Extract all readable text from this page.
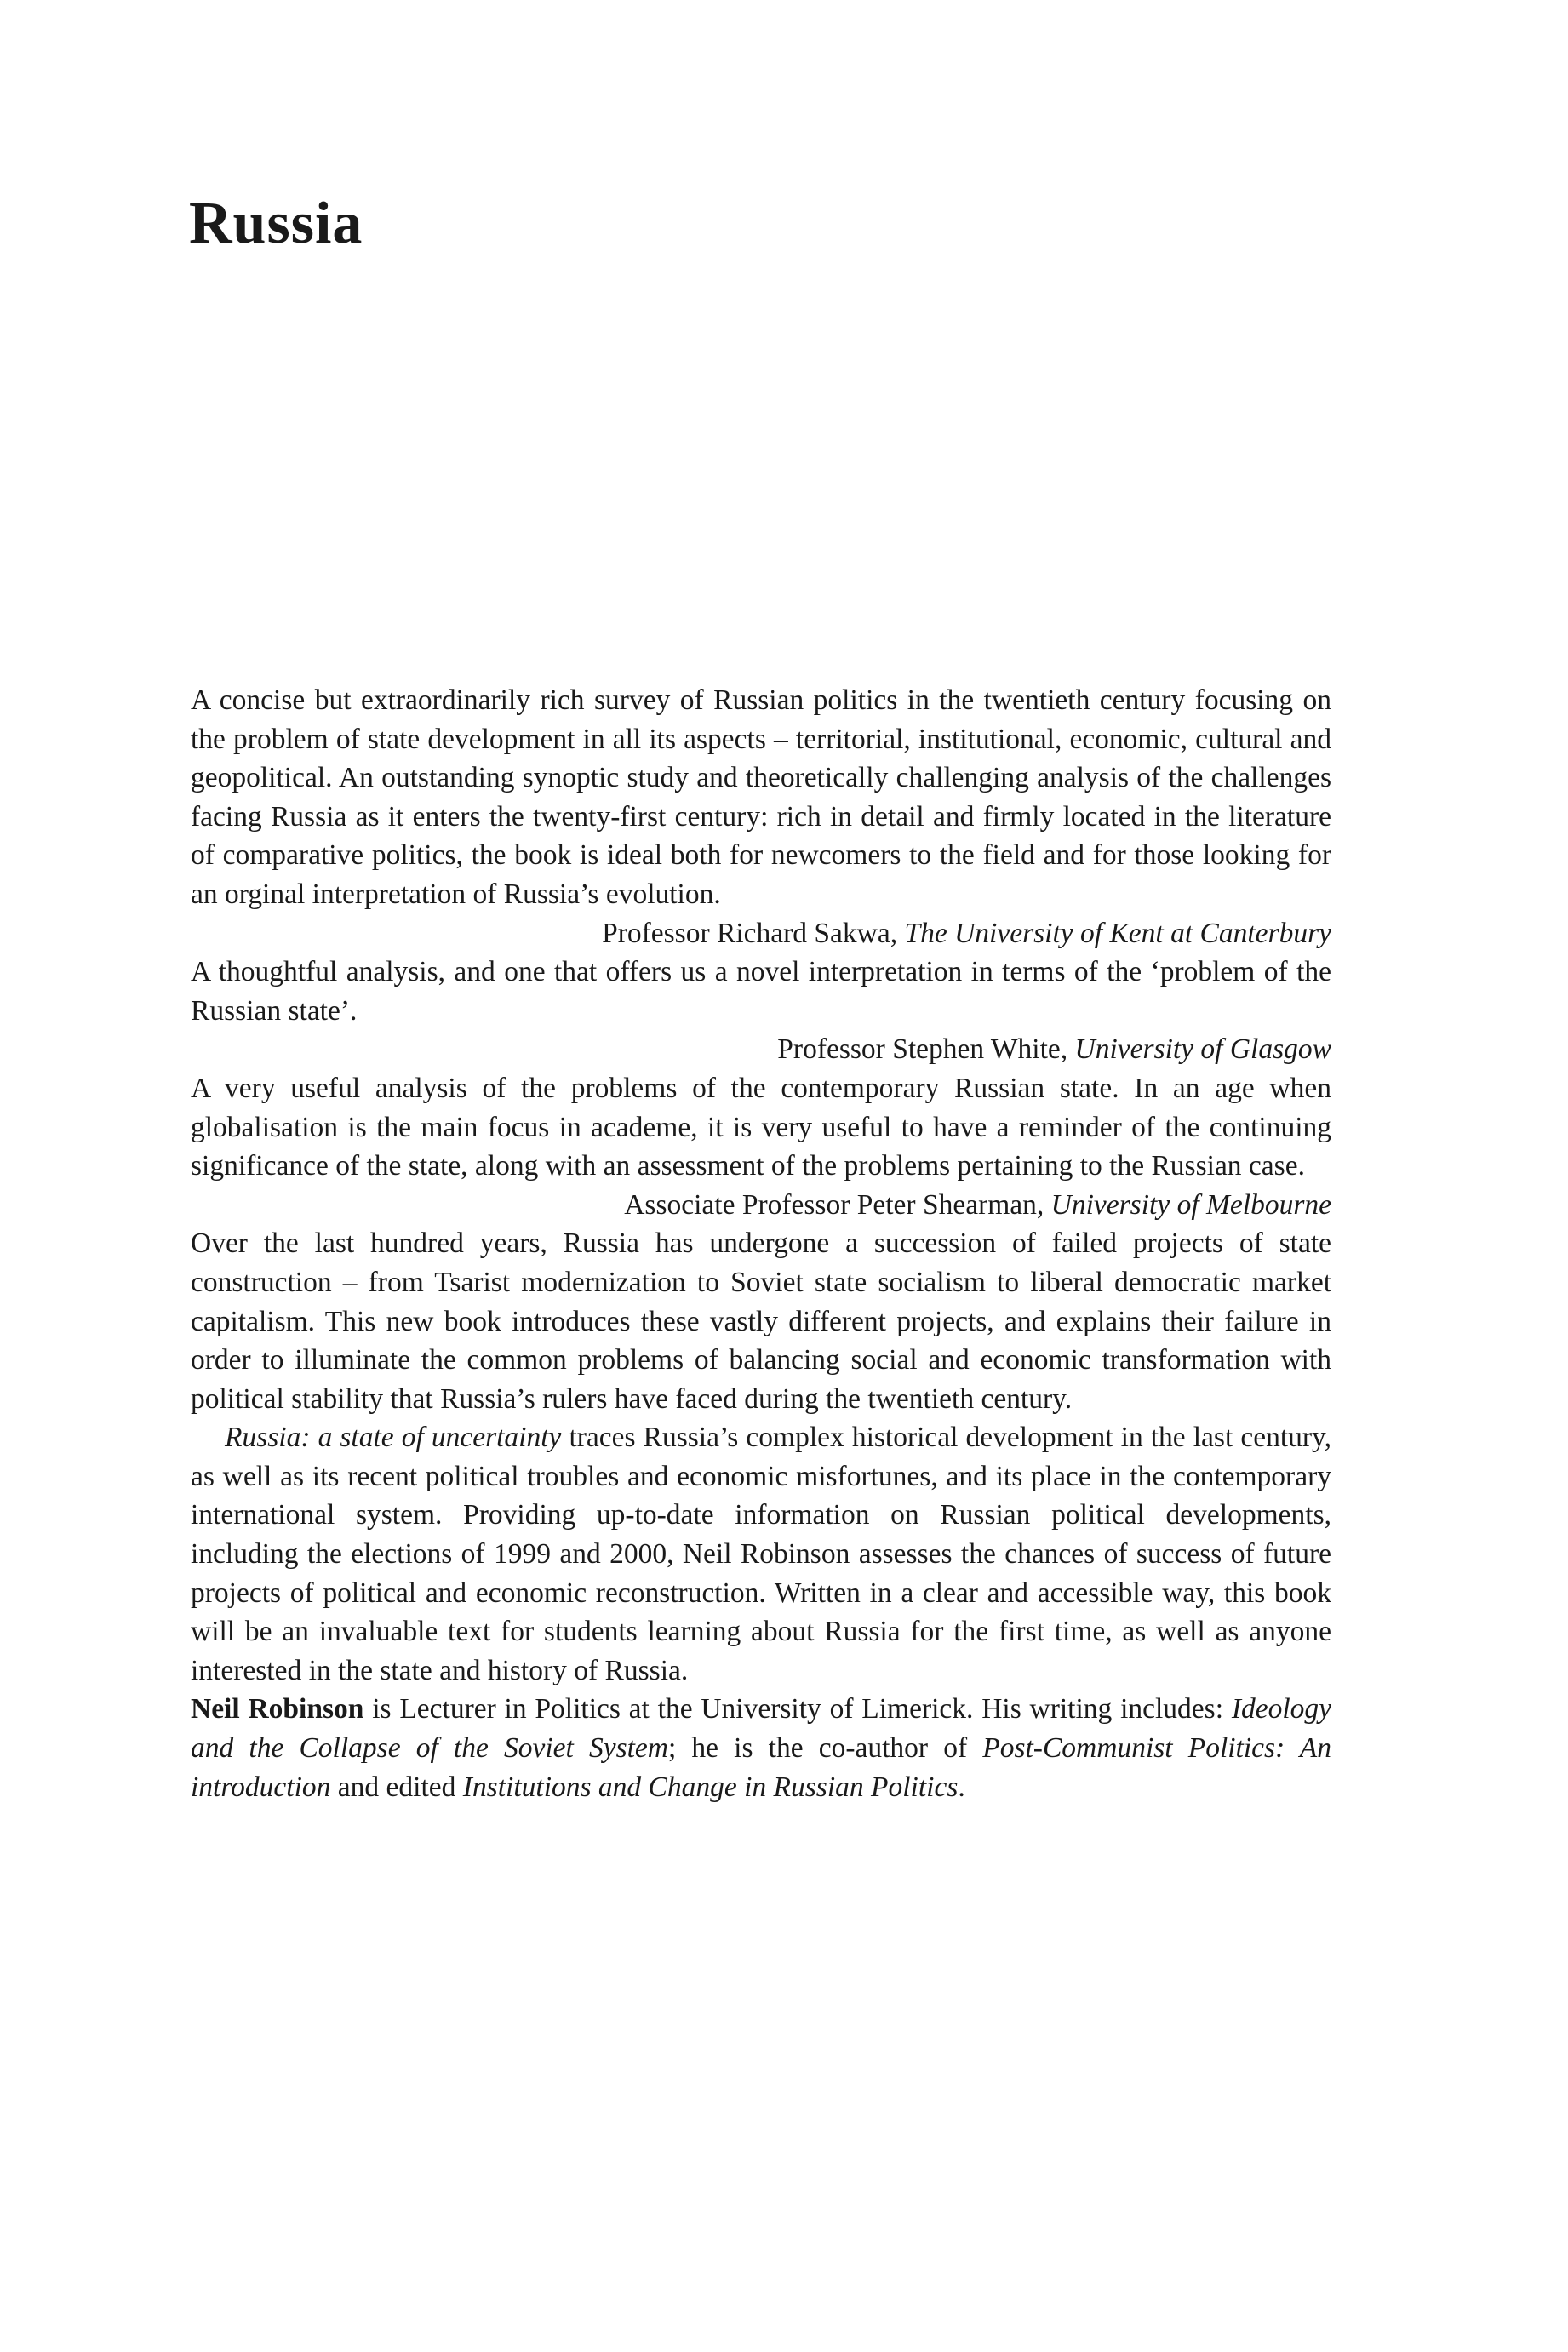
Russia

A concise but extraordinarily rich survey of Russian politics in the twentieth century focusing on the problem of state development in all its aspects – territorial, institutional, economic, cultural and geopolitical. An outstanding synoptic study and theoretically challenging analysis of the challenges facing Russia as it enters the twenty-first century: rich in detail and firmly located in the literature of comparative politics, the book is ideal both for newcomers to the field and for those looking for an orginal interpretation of Russia’s evolution.

Professor Richard Sakwa, The University of Kent at Canterbury

A thoughtful analysis, and one that offers us a novel interpretation in terms of the ‘problem of the Russian state’.

Professor Stephen White, University of Glasgow

A very useful analysis of the problems of the contemporary Russian state. In an age when globalisation is the main focus in academe, it is very useful to have a reminder of the continuing significance of the state, along with an assessment of the problems pertaining to the Russian case.

Associate Professor Peter Shearman, University of Melbourne

Over the last hundred years, Russia has undergone a succession of failed projects of state construction – from Tsarist modernization to Soviet state socialism to liberal democratic market capitalism. This new book introduces these vastly different projects, and explains their failure in order to illuminate the common problems of balancing social and economic transformation with political stability that Russia’s rulers have faced during the twentieth century.

Russia: a state of uncertainty traces Russia’s complex historical development in the last century, as well as its recent political troubles and economic misfortunes, and its place in the contemporary international system. Providing up-to-date information on Russian political developments, including the elections of 1999 and 2000, Neil Robinson assesses the chances of success of future projects of political and economic reconstruction. Written in a clear and accessible way, this book will be an invaluable text for students learning about Russia for the first time, as well as anyone interested in the state and history of Russia.

Neil Robinson is Lecturer in Politics at the University of Limerick. His writing includes: Ideology and the Collapse of the Soviet System; he is the co-author of Post-Communist Politics: An introduction and edited Institutions and Change in Russian Politics.
